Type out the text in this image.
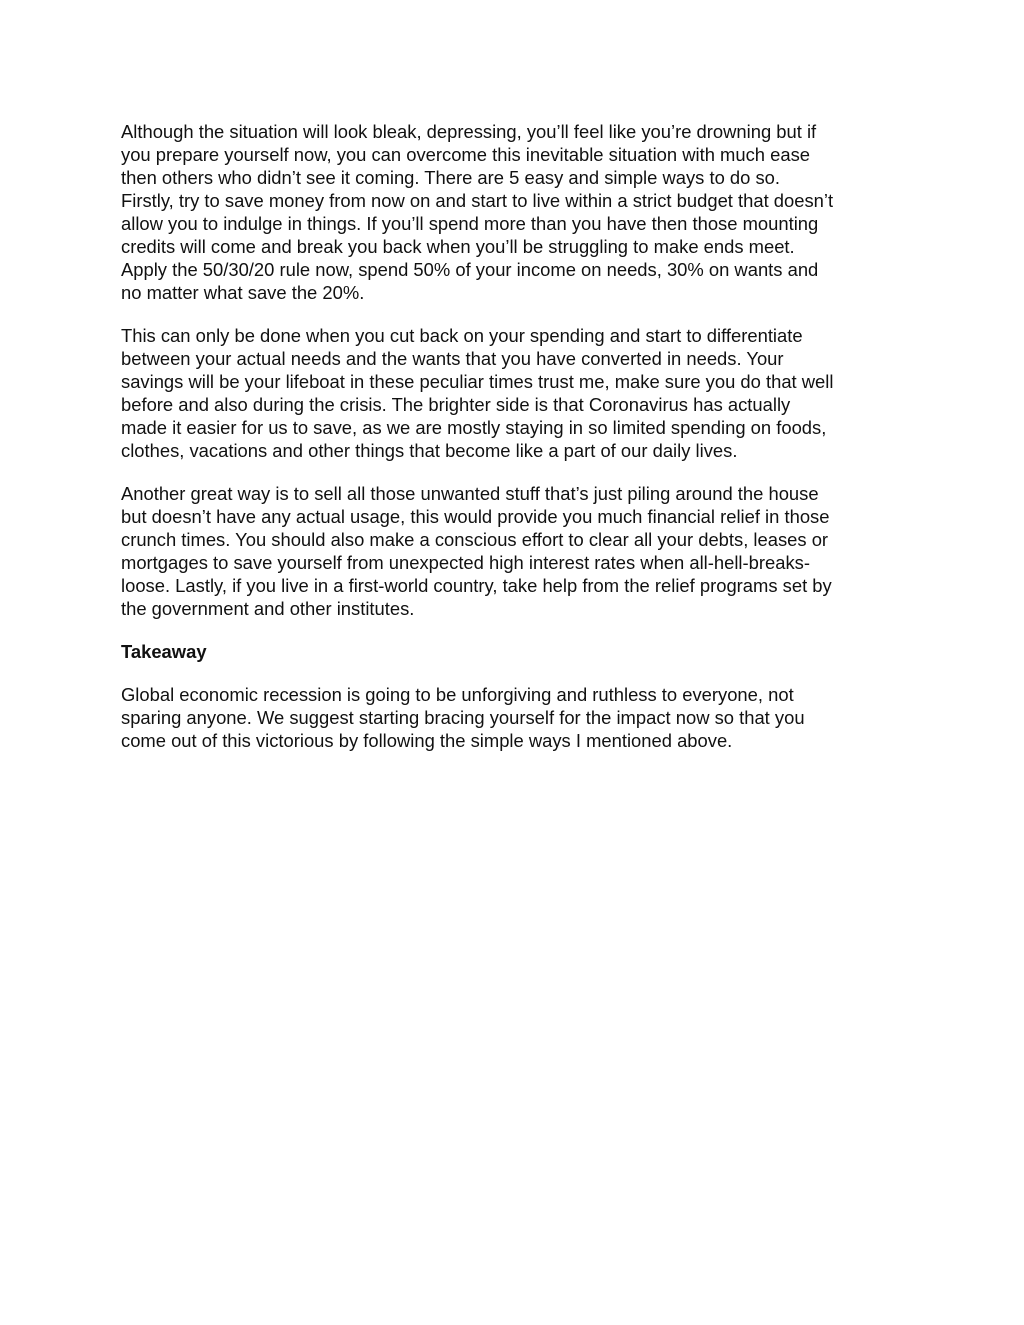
Although the situation will look bleak, depressing, you’ll feel like you’re drowning but if
you prepare yourself now, you can overcome this inevitable situation with much ease
then others who didn’t see it coming. There are 5 easy and simple ways to do so.
Firstly, try to save money from now on and start to live within a strict budget that doesn’t
allow you to indulge in things. If you’ll spend more than you have then those mounting
credits will come and break you back when you’ll be struggling to make ends meet.
Apply the 50/30/20 rule now, spend 50% of your income on needs, 30% on wants and
no matter what save the 20%.

This can only be done when you cut back on your spending and start to differentiate
between your actual needs and the wants that you have converted in needs. Your
savings will be your lifeboat in these peculiar times trust me, make sure you do that well
before and also during the crisis. The brighter side is that Coronavirus has actually
made it easier for us to save, as we are mostly staying in so limited spending on foods,
clothes, vacations and other things that become like a part of our daily lives.

Another great way is to sell all those unwanted stuff that’s just piling around the house
but doesn’t have any actual usage, this would provide you much financial relief in those
crunch times. You should also make a conscious effort to clear all your debts, leases or
mortgages to save yourself from unexpected high interest rates when all-hell-breaks-
loose. Lastly, if you live in a first-world country, take help from the relief programs set by
the government and other institutes.

Takeaway

Global economic recession is going to be unforgiving and ruthless to everyone, not
sparing anyone. We suggest starting bracing yourself for the impact now so that you
come out of this victorious by following the simple ways I mentioned above.
